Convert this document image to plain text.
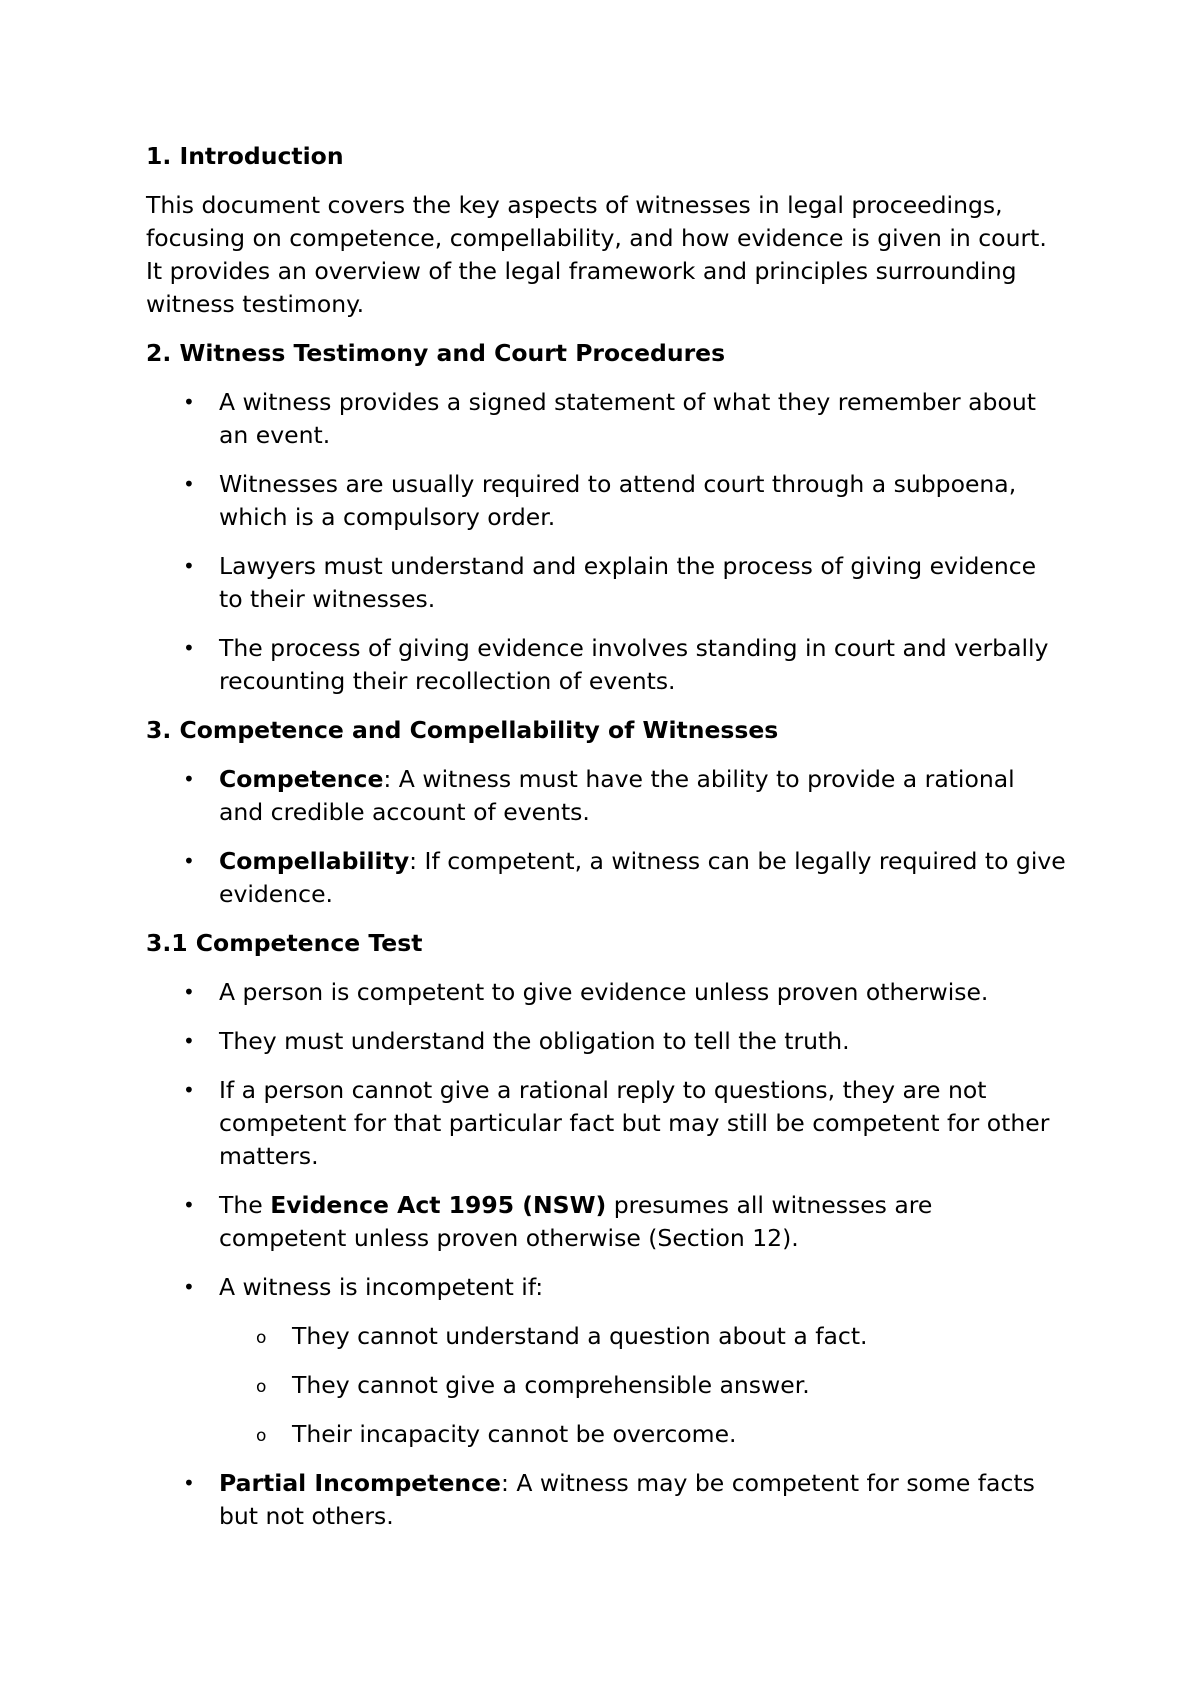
1. Introduction
This document covers the key aspects of witnesses in legal proceedings, focusing on competence, compellability, and how evidence is given in court. It provides an overview of the legal framework and principles surrounding witness testimony.
2. Witness Testimony and Court Procedures
• A witness provides a signed statement of what they remember about an event.
• Witnesses are usually required to attend court through a subpoena, which is a compulsory order.
• Lawyers must understand and explain the process of giving evidence to their witnesses.
• The process of giving evidence involves standing in court and verbally recounting their recollection of events.
3. Competence and Compellability of Witnesses
• Competence: A witness must have the ability to provide a rational and credible account of events.
• Compellability: If competent, a witness can be legally required to give evidence.
3.1 Competence Test
• A person is competent to give evidence unless proven otherwise.
• They must understand the obligation to tell the truth.
• If a person cannot give a rational reply to questions, they are not competent for that particular fact but may still be competent for other matters.
• The Evidence Act 1995 (NSW) presumes all witnesses are competent unless proven otherwise (Section 12).
• A witness is incompetent if:
o They cannot understand a question about a fact.
o They cannot give a comprehensible answer.
o Their incapacity cannot be overcome.
• Partial Incompetence: A witness may be competent for some facts but not others.
